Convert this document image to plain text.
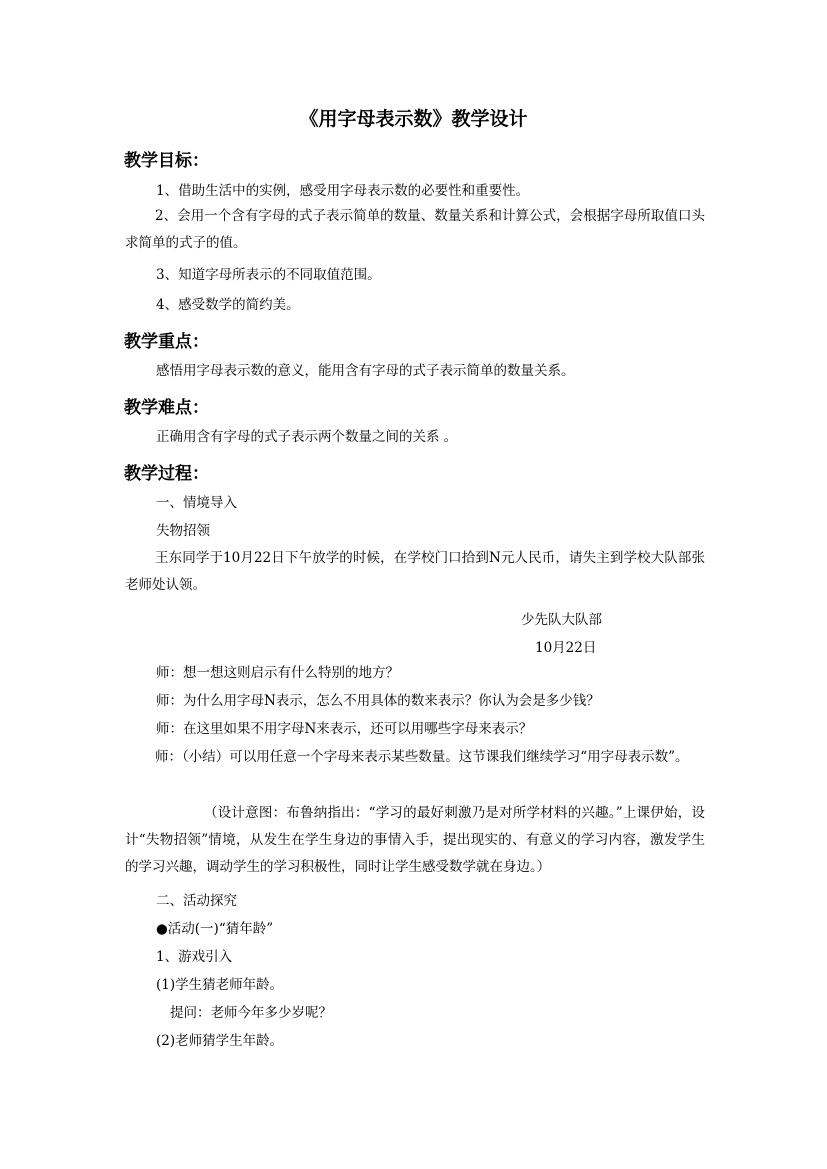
《用字母表示数》教学设计
教学目标：
1、借助生活中的实例，感受用字母表示数的必要性和重要性。
2、会用一个含有字母的式子表示简单的数量、数量关系和计算公式，会根据字母所取值口头求简单的式子的值。
3、知道字母所表示的不同取值范围。
4、感受数学的简约美。
教学重点：
感悟用字母表示数的意义，能用含有字母的式子表示简单的数量关系。
教学难点：
正确用含有字母的式子表示两个数量之间的关系 。
教学过程：
一、情境导入
失物招领
王东同学于10月22日下午放学的时候，在学校门口拾到N元人民币，请失主到学校大队部张老师处认领。
少先队大队部
10月22日
师：想一想这则启示有什么特别的地方？
师：为什么用字母N表示，怎么不用具体的数来表示？你认为会是多少钱？
师：在这里如果不用字母N来表示，还可以用哪些字母来表示？
师：（小结）可以用任意一个字母来表示某些数量。这节课我们继续学习“用字母表示数”。
（设计意图：布鲁纳指出：“学习的最好刺激乃是对所学材料的兴趣。”上课伊始，设计“失物招领”情境，从发生在学生身边的事情入手，提出现实的、有意义的学习内容，激发学生的学习兴趣，调动学生的学习积极性，同时让学生感受数学就在身边。）
二、活动探究
●活动(一)“猜年龄”
1、游戏引入
(1)学生猜老师年龄。
提问：老师今年多少岁呢？
(2)老师猜学生年龄。
